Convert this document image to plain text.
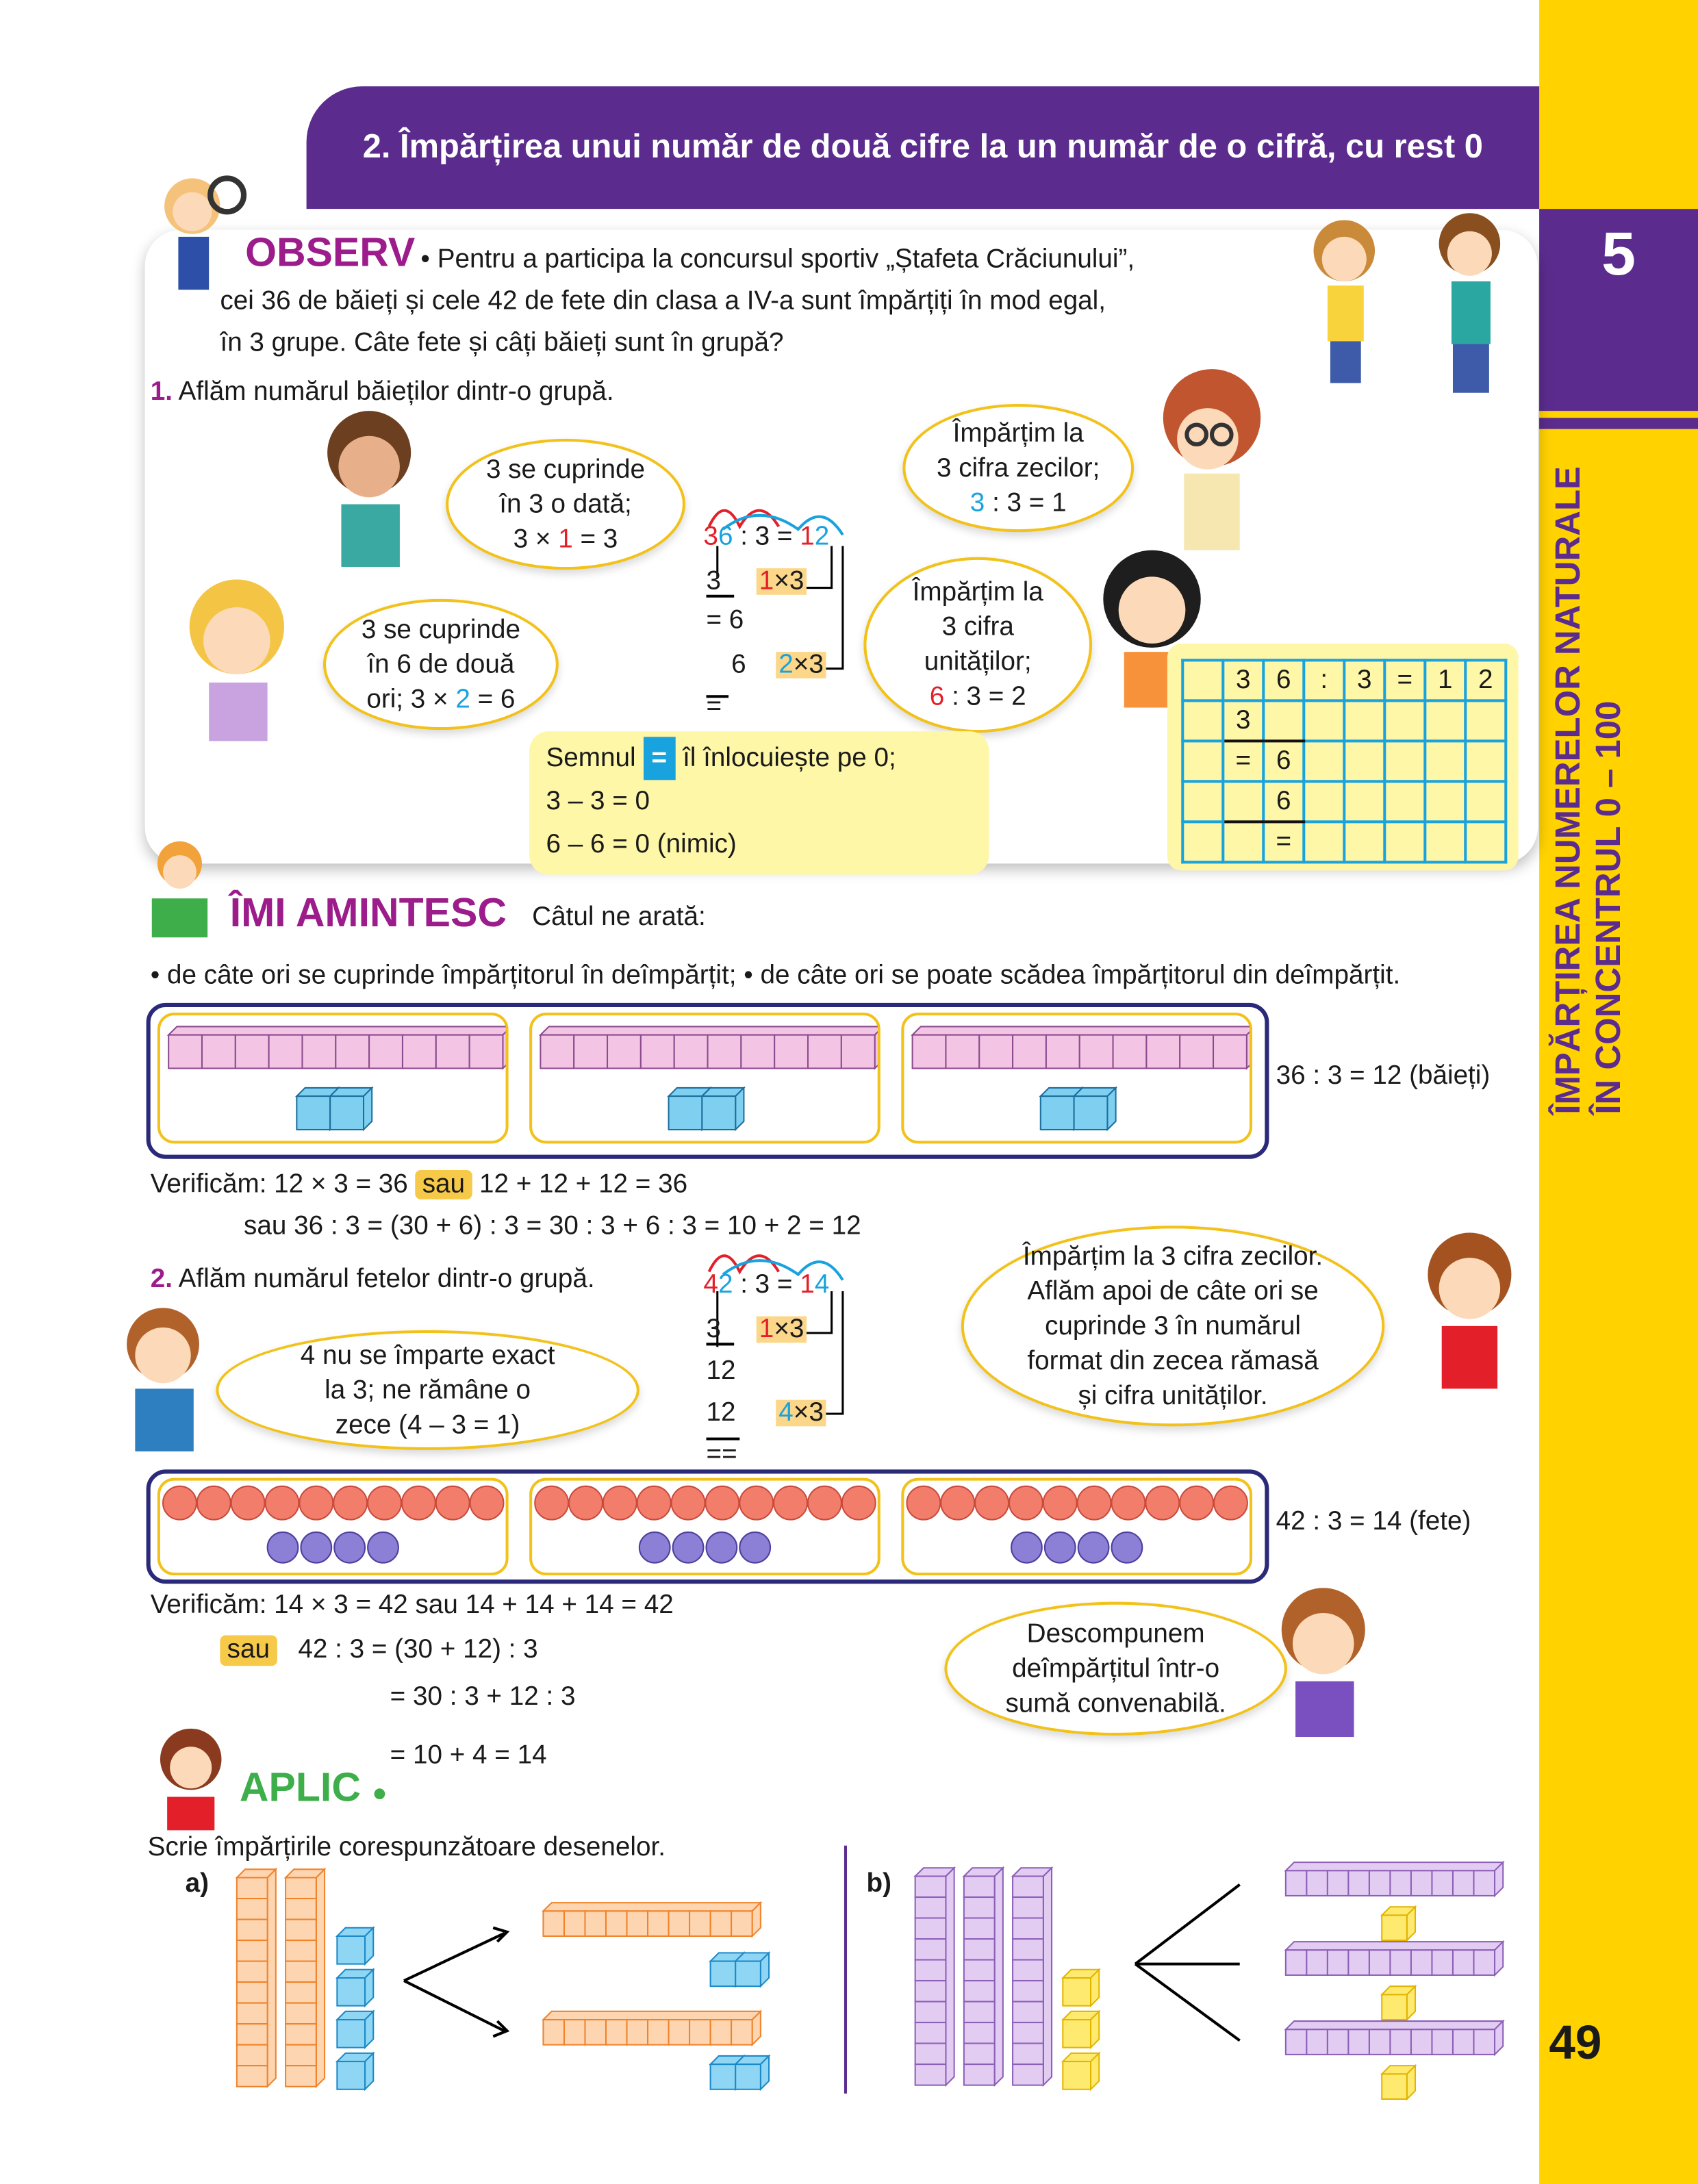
5
ÎMPĂRȚIREA NUMERELOR NATURALE ÎN CONCENTRUL 0 – 100
49
2. Împărțirea unui număr de două cifre la un număr de o cifră, cu rest 0
OBSERV • Pentru a participa la concursul sportiv „Ștafeta Crăciunului”,
cei 36 de băieți și cele 42 de fete din clasa a IV-a sunt împărțiți în mod egal,
în 3 grupe. Câte fete și câți băieți sunt în grupă?
1. Aflăm numărul băieților dintr-o grupă.
3 se cuprinde
în 3 o dată;
3 × 1 = 3
3 se cuprinde
în 6 de două
ori; 3 × 2 = 6
Împărțim la
3 cifra zecilor;
3 : 3 = 1
Împărțim la
3 cifra
unităților;
6 : 3 = 2
36 : 3 = 12
3	1×3
= 6
6	2×3
=
Semnul = îl înlocuiește pe 0;
3 – 3 = 0
6 – 6 = 0 (nimic)
	3	6	:	3	=	1	2
	3						
	=	6					
		6					
		=					
ÎMI AMINTESC Câtul ne arată:
• de câte ori se cuprinde împărțitorul în deîmpărțit; • de câte ori se poate scădea împărțitorul din deîmpărțit.
36 : 3 = 12 (băieți)
Verificăm: 12 × 3 = 36 sau 12 + 12 + 12 = 36
sau 36 : 3 = (30 + 6) : 3 = 30 : 3 + 6 : 3 = 10 + 2 = 12
2. Aflăm numărul fetelor dintr-o grupă.	42 : 3 = 14
3	1×3
12
12	4×3
==
Împărțim la 3 cifra zecilor.
Aflăm apoi de câte ori se
cuprinde 3 în numărul
format din zecea rămasă
și cifra unităților.
4 nu se împarte exact
la 3; ne rămâne o
zece (4 – 3 = 1)
42 : 3 = 14 (fete)
Verificăm: 14 × 3 = 42 sau 14 + 14 + 14 = 42
sau	42 : 3 = (30 + 12) : 3
= 30 : 3 + 12 : 3
= 10 + 4 = 14
Descompunem
deîmpărțitul într-o
sumă convenabilă.
APLIC ●
Scrie împărțirile corespunzătoare desenelor.
a)	b)
